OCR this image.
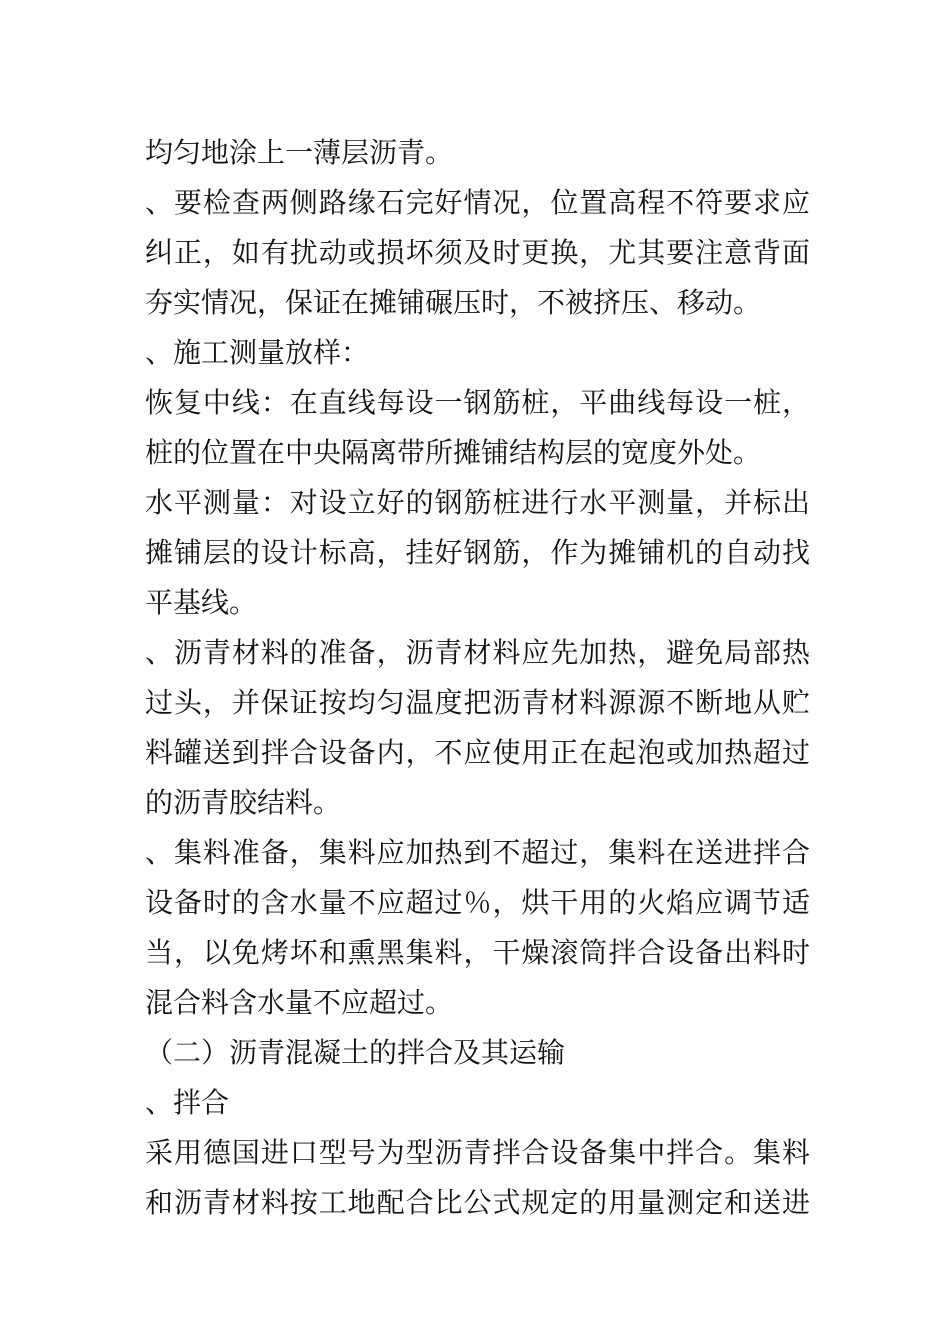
均匀地涂上一薄层沥青。
、要检查两侧路缘石完好情况，位置高程不符要求应
纠正，如有扰动或损坏须及时更换，尤其要注意背面
夯实情况，保证在摊铺碾压时，不被挤压、移动。
、施工测量放样：
恢复中线：在直线每设一钢筋桩，平曲线每设一桩，
桩的位置在中央隔离带所摊铺结构层的宽度外处。
水平测量：对设立好的钢筋桩进行水平测量，并标出
摊铺层的设计标高，挂好钢筋，作为摊铺机的自动找
平基线。
、沥青材料的准备，沥青材料应先加热，避免局部热
过头，并保证按均匀温度把沥青材料源源不断地从贮
料罐送到拌合设备内，不应使用正在起泡或加热超过
的沥青胶结料。
、集料准备，集料应加热到不超过，集料在送进拌合
设备时的含水量不应超过％，烘干用的火焰应调节适
当，以免烤坏和熏黑集料，干燥滚筒拌合设备出料时
混合料含水量不应超过。
（二）沥青混凝土的拌合及其运输
、拌合
采用德国进口型号为型沥青拌合设备集中拌合。集料
和沥青材料按工地配合比公式规定的用量测定和送进
